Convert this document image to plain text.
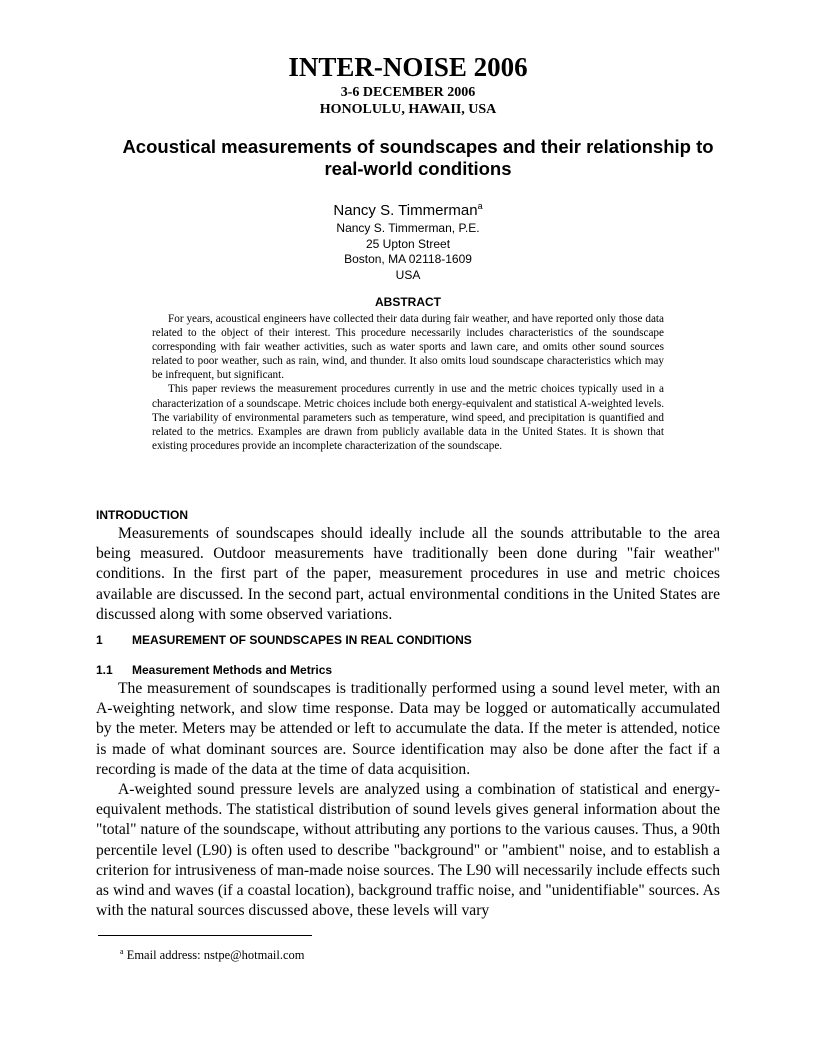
INTER-NOISE 2006
3-6 DECEMBER 2006
HONOLULU, HAWAII, USA
Acoustical measurements of soundscapes and their relationship to
real-world conditions
Nancy S. Timmerman$^a$
Nancy S. Timmerman, P.E.
25 Upton Street
Boston, MA 02118-1609
USA
ABSTRACT

For years, acoustical engineers have collected their data during fair weather, and have reported only those data related to the object of their interest. This procedure necessarily includes characteristics of the soundscape corresponding with fair weather activities, such as water sports and lawn care, and omits other sound sources related to poor weather, such as rain, wind, and thunder. It also omits loud soundscape characteristics which may be infrequent, but significant.

This paper reviews the measurement procedures currently in use and the metric choices typically used in a characterization of a soundscape. Metric choices include both energy-equivalent and statistical A-weighted levels. The variability of environmental parameters such as temperature, wind speed, and precipitation is quantified and related to the metrics. Examples are drawn from publicly available data in the United States. It is shown that existing procedures provide an incomplete characterization of the soundscape.

INTRODUCTION

Measurements of soundscapes should ideally include all the sounds attributable to the area being measured. Outdoor measurements have traditionally been done during "fair weather" conditions. In the first part of the paper, measurement procedures in use and metric choices available are discussed. In the second part, actual environmental conditions in the United States are discussed along with some observed variations.

1 MEASUREMENT OF SOUNDSCAPES IN REAL CONDITIONS
1.1 Measurement Methods and Metrics

The measurement of soundscapes is traditionally performed using a sound level meter, with an A-weighting network, and slow time response. Data may be logged or automatically accumulated by the meter. Meters may be attended or left to accumulate the data. If the meter is attended, notice is made of what dominant sources are. Source identification may also be done after the fact if a recording is made of the data at the time of data acquisition.

A-weighted sound pressure levels are analyzed using a combination of statistical and energy-equivalent methods. The statistical distribution of sound levels gives general information about the "total" nature of the soundscape, without attributing any portions to the various causes. Thus, a 90th percentile level (L90) is often used to describe "background" or "ambient" noise, and to establish a criterion for intrusiveness of man-made noise sources. The L90 will necessarily include effects such as wind and waves (if a coastal location), background traffic noise, and "unidentifiable" sources. As with the natural sources discussed above, these levels will vary

$^a$ Email address: nstpe@hotmail.com
